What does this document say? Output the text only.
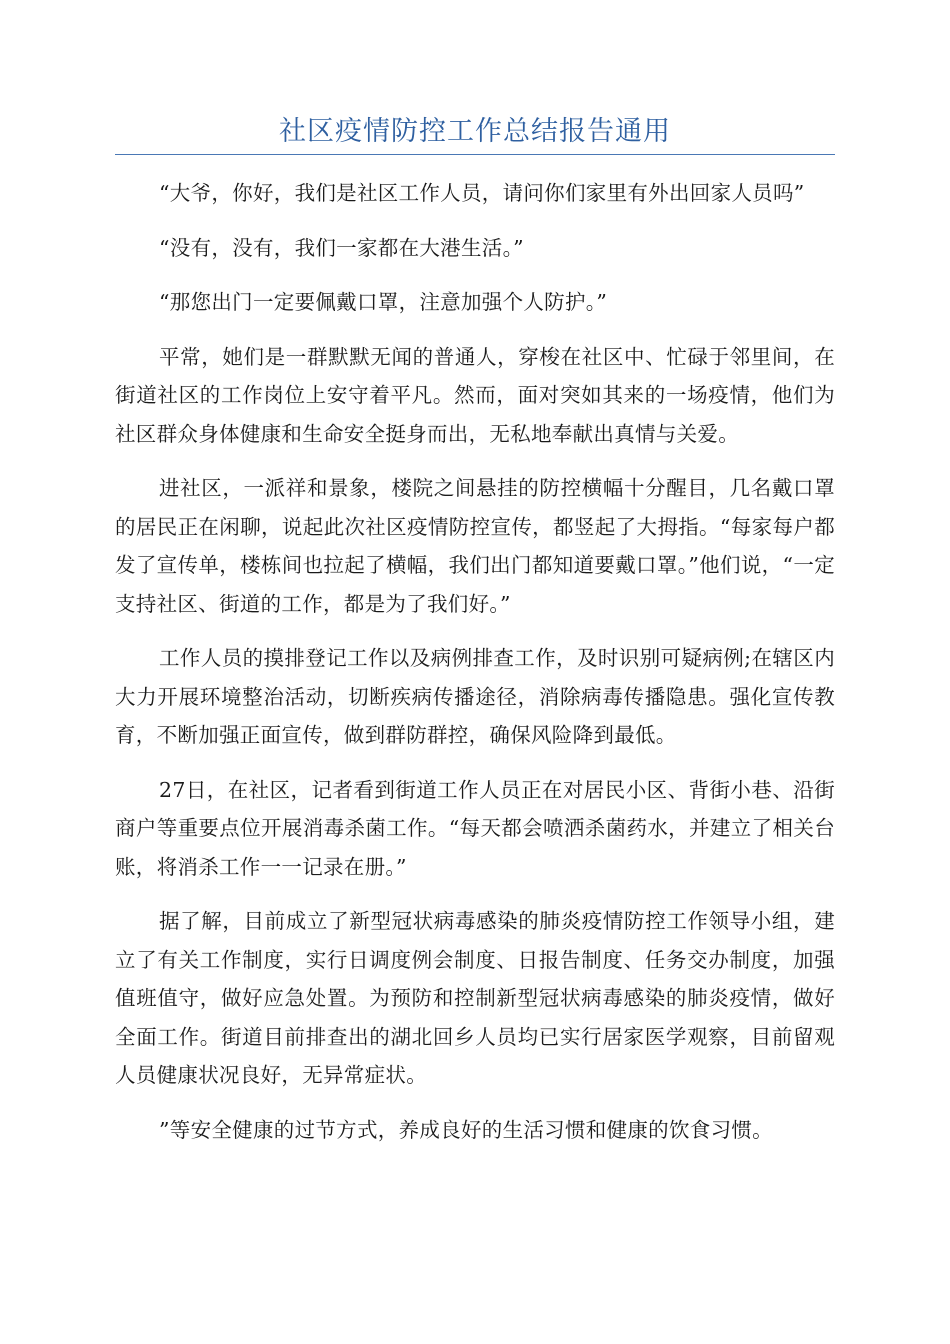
社区疫情防控工作总结报告通用

“大爷，你好，我们是社区工作人员，请问你们家里有外出回家人员吗”

“没有，没有，我们一家都在大港生活。”

“那您出门一定要佩戴口罩，注意加强个人防护。”

平常，她们是一群默默无闻的普通人，穿梭在社区中、忙碌于邻里间，在街道社区的工作岗位上安守着平凡。然而，面对突如其来的一场疫情，他们为社区群众身体健康和生命安全挺身而出，无私地奉献出真情与关爱。

进社区，一派祥和景象，楼院之间悬挂的防控横幅十分醒目，几名戴口罩的居民正在闲聊，说起此次社区疫情防控宣传，都竖起了大拇指。“每家每户都发了宣传单，楼栋间也拉起了横幅，我们出门都知道要戴口罩。”他们说，“一定支持社区、街道的工作，都是为了我们好。”

工作人员的摸排登记工作以及病例排查工作，及时识别可疑病例;在辖区内大力开展环境整治活动，切断疾病传播途径，消除病毒传播隐患。强化宣传教育，不断加强正面宣传，做到群防群控，确保风险降到最低。

27日，在社区，记者看到街道工作人员正在对居民小区、背街小巷、沿街商户等重要点位开展消毒杀菌工作。“每天都会喷洒杀菌药水，并建立了相关台账，将消杀工作一一记录在册。”

据了解，目前成立了新型冠状病毒感染的肺炎疫情防控工作领导小组，建立了有关工作制度，实行日调度例会制度、日报告制度、任务交办制度，加强值班值守，做好应急处置。为预防和控制新型冠状病毒感染的肺炎疫情，做好全面工作。街道目前排查出的湖北回乡人员均已实行居家医学观察，目前留观人员健康状况良好，无异常症状。

”等安全健康的过节方式，养成良好的生活习惯和健康的饮食习惯。
